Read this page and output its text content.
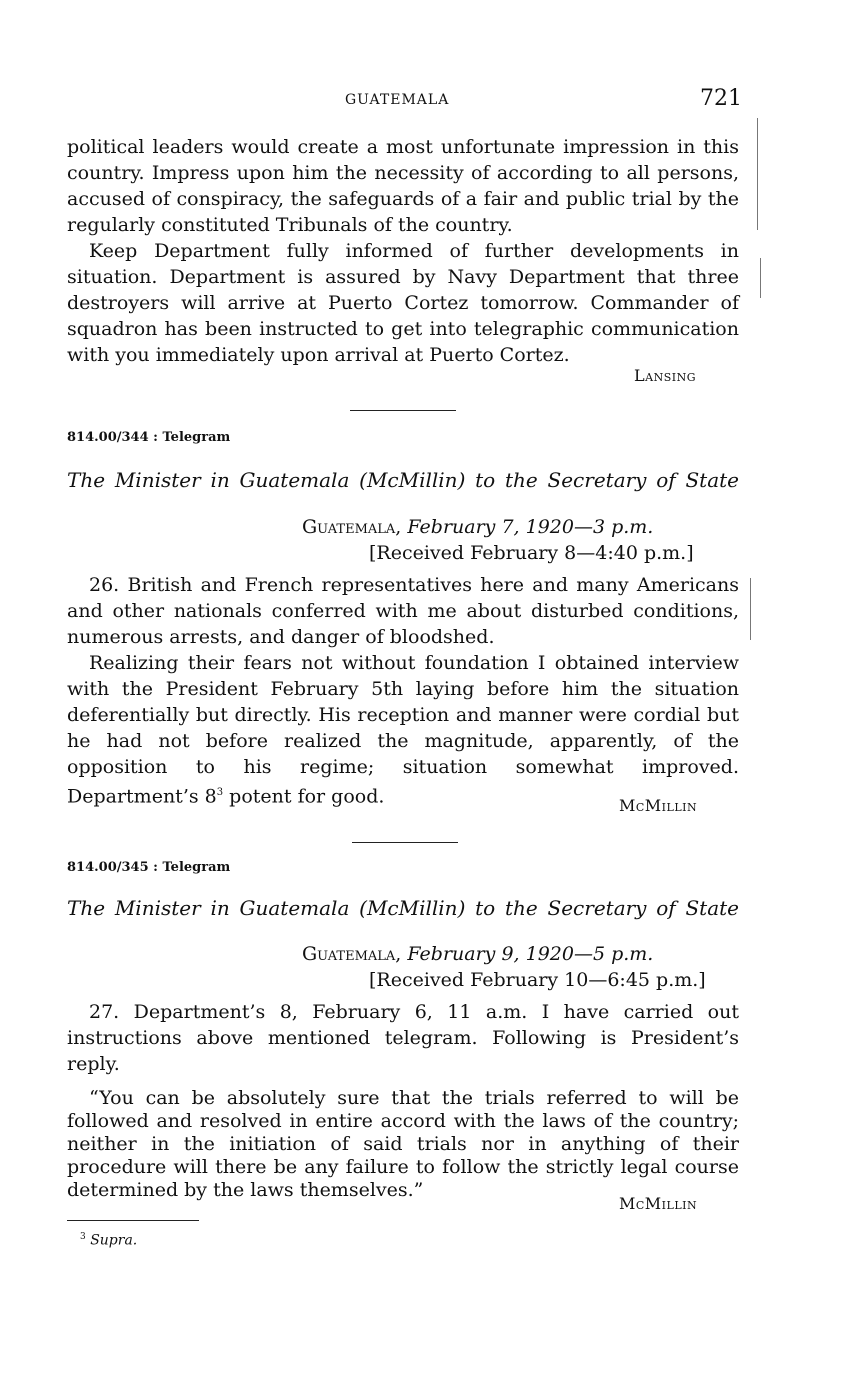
GUATEMALA	721

political leaders would create a most unfortunate impression in this country. Impress upon him the necessity of according to all persons, accused of conspiracy, the safeguards of a fair and public trial by the regularly constituted Tribunals of the country.

Keep Department fully informed of further developments in situation. Department is assured by Navy Department that three destroyers will arrive at Puerto Cortez tomorrow. Commander of squadron has been instructed to get into telegraphic communication with you immediately upon arrival at Puerto Cortez.

Lansing
814.00/344 : Telegram
The Minister in Guatemala (McMillin) to the Secretary of State
Guatemala, February 7, 1920—3 p.m.
[Received February 8—4:40 p.m.]

26. British and French representatives here and many Americans and other nationals conferred with me about disturbed conditions, numerous arrests, and danger of bloodshed.

Realizing their fears not without foundation I obtained interview with the President February 5th laying before him the situation deferentially but directly. His reception and manner were cordial but he had not before realized the magnitude, apparently, of the opposition to his regime; situation somewhat improved. Department’s $8^3$ potent for good.	McMillin
814.00/345 : Telegram
The Minister in Guatemala (McMillin) to the Secretary of State
Guatemala, February 9, 1920—5 p.m.
[Received February 10—6:45 p.m.]

27. Department’s 8, February 6, 11 a.m. I have carried out instructions above mentioned telegram. Following is President’s reply.

“You can be absolutely sure that the trials referred to will be followed and resolved in entire accord with the laws of the country; neither in the initiation of said trials nor in anything of their procedure will there be any failure to follow the strictly legal course determined by the laws themselves.”

McMillin
$^3$ Supra.
